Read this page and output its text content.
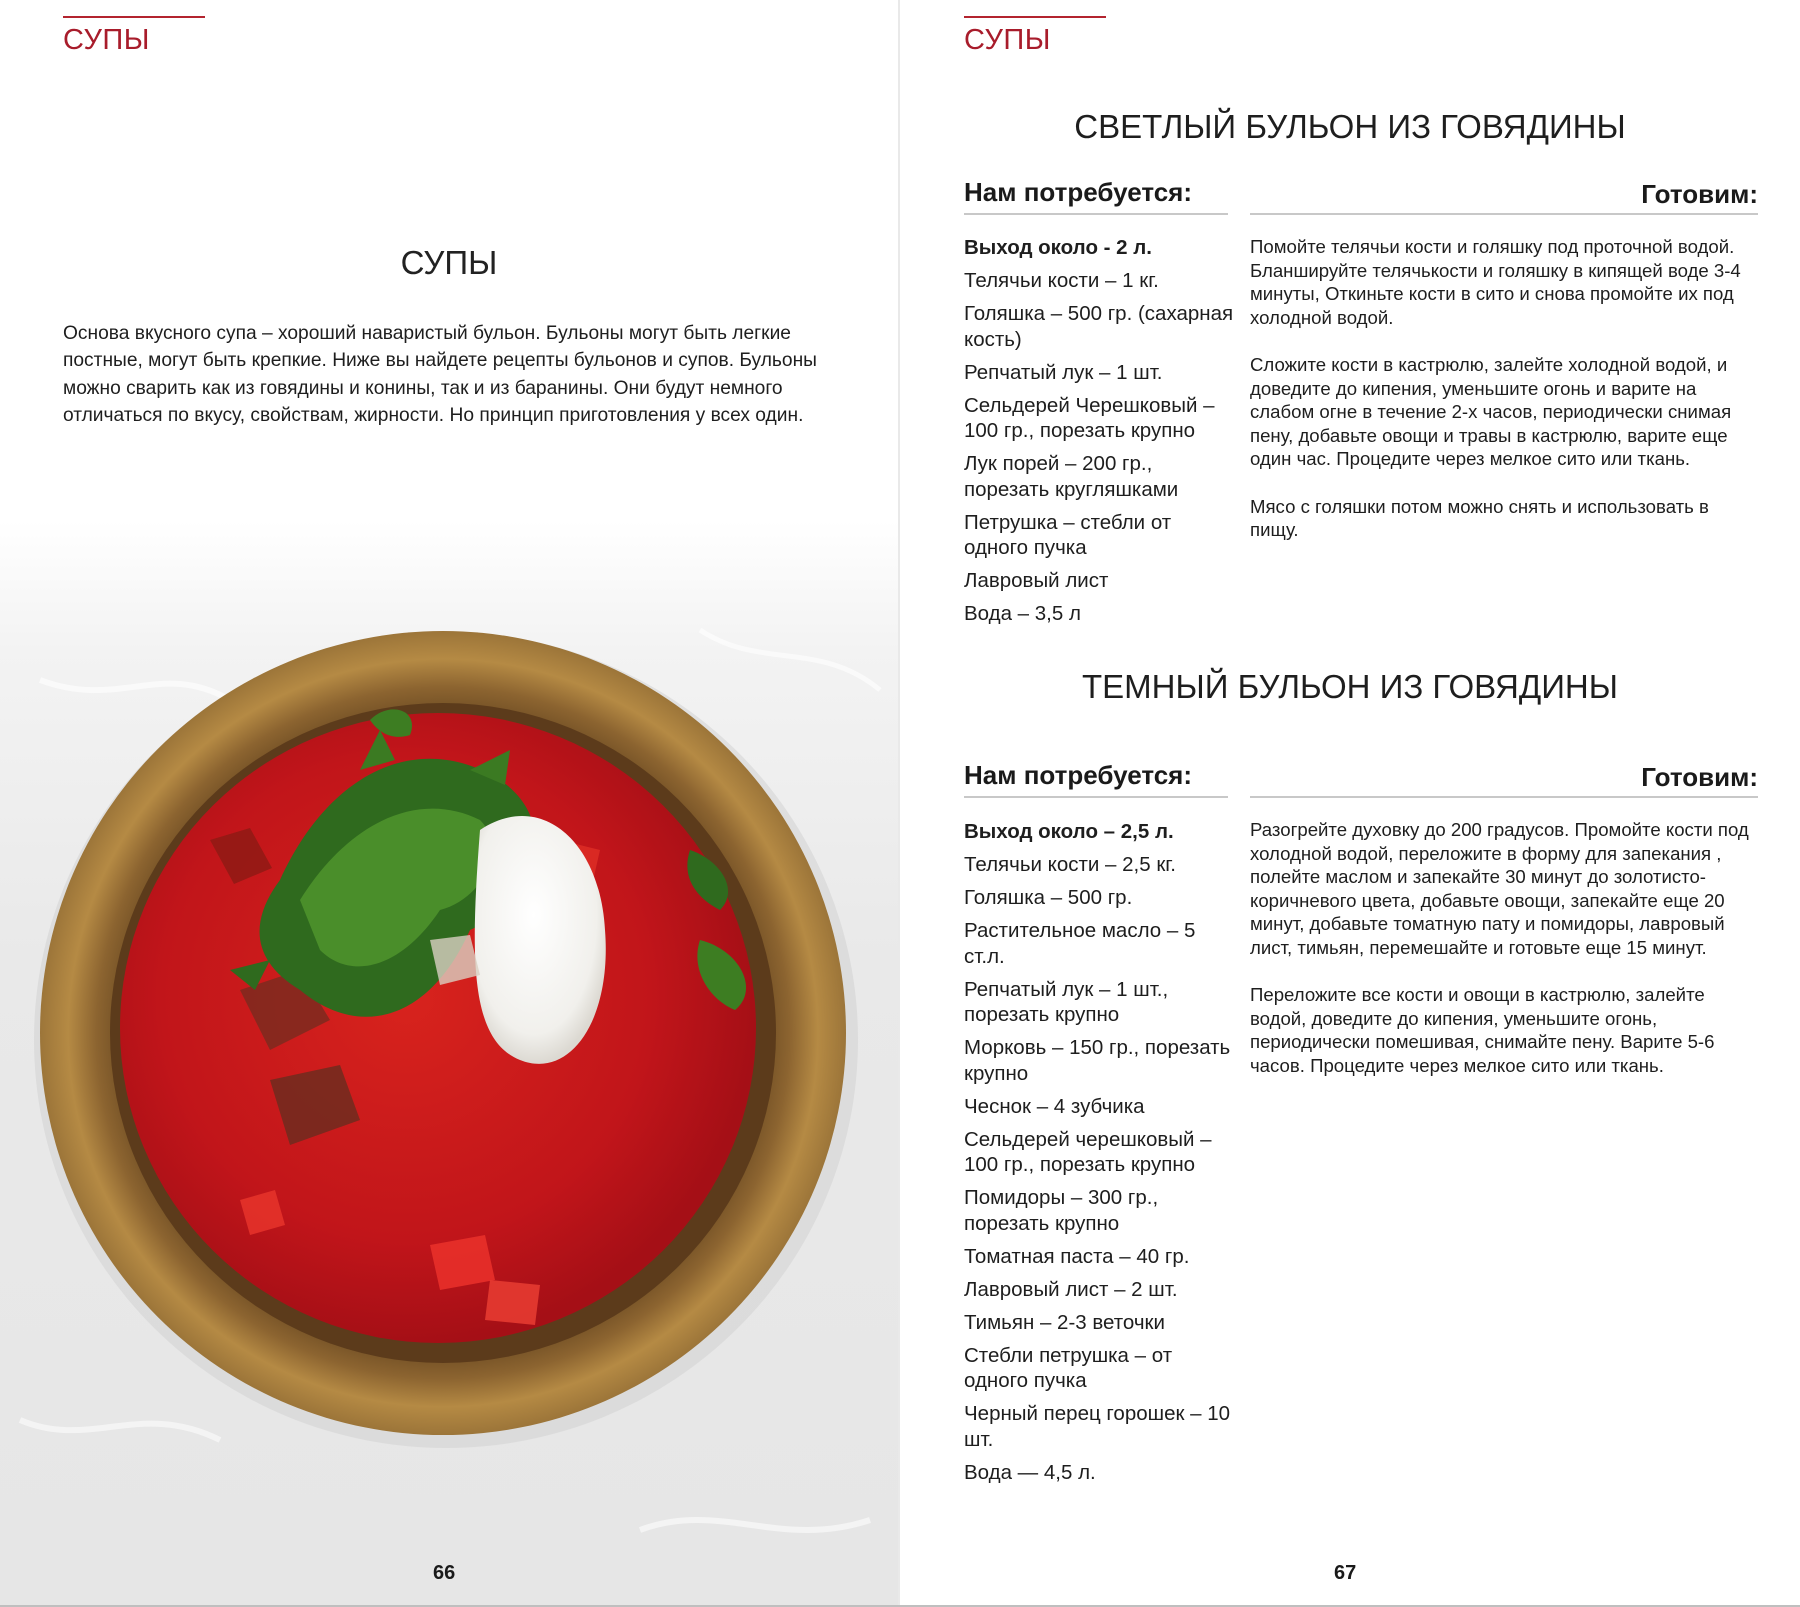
СУПЫ
СУПЫ
Основа вкусного супа – хороший наваристый бульон. Бульоны могут быть легкие постные, могут быть крепкие. Ниже вы найдете рецепты бульонов и супов. Бульоны можно сварить как из говядины и конины, так и из баранины. Они будут немного отличаться по вкусу, свойствам, жирности. Но принцип приготовления у всех один.
66
СУПЫ
СВЕТЛЫЙ БУЛЬОН ИЗ ГОВЯДИНЫ
Нам потребуется:	Готовим:
Выход около - 2 л.
Телячьи кости – 1 кг.
Голяшка – 500 гр. (сахарная кость)
Репчатый лук – 1 шт.
Сельдерей Черешковый – 100 гр., порезать крупно
Лук порей – 200 гр., порезать кругляшками
Петрушка – стебли от одного пучка
Лавровый лист
Вода – 3,5 л

Помойте телячьи кости и голяшку под проточной водой. Бланшируйте телячькости и голяшку в кипящей воде 3-4 минуты, Откиньте кости в сито и снова промойте их под холодной водой.

Сложите кости в кастрюлю, залейте холодной водой, и доведите до кипения, уменьшите огонь и варите на слабом огне в течение 2-х часов, периодически снимая пену, добавьте овощи и травы в кастрюлю, варите еще один час. Процедите через мелкое сито или ткань.

Мясо с голяшки потом можно снять и использовать в пищу.

ТЕМНЫЙ БУЛЬОН ИЗ ГОВЯДИНЫ
Нам потребуется:	Готовим:
Выход около – 2,5 л.
Телячьи кости – 2,5 кг.
Голяшка – 500 гр.
Растительное масло – 5 ст.л.
Репчатый лук – 1 шт., порезать крупно
Морковь – 150 гр., порезать крупно
Чеснок – 4 зубчика
Сельдерей черешковый – 100 гр., порезать крупно
Помидоры – 300 гр., порезать крупно
Томатная паста – 40 гр.
Лавровый лист – 2 шт.
Тимьян – 2-3 веточки
Стебли петрушка – от одного пучка
Черный перец горошек – 10 шт.
Вода — 4,5 л.

Разогрейте духовку до 200 градусов. Промойте кости под холодной водой, переложите в форму для запекания , полейте маслом и запекайте 30 минут до золотисто-коричневого цвета, добавьте овощи, запекайте еще 20 минут, добавьте томатную пату и помидоры, лавровый лист, тимьян, перемешайте и готовьте еще 15 минут.

Переложите все кости и овощи в кастрюлю, залейте водой, доведите до кипения, уменьшите огонь, периодически помешивая, снимайте пену. Варите 5-6 часов. Процедите через мелкое сито или ткань.

67
